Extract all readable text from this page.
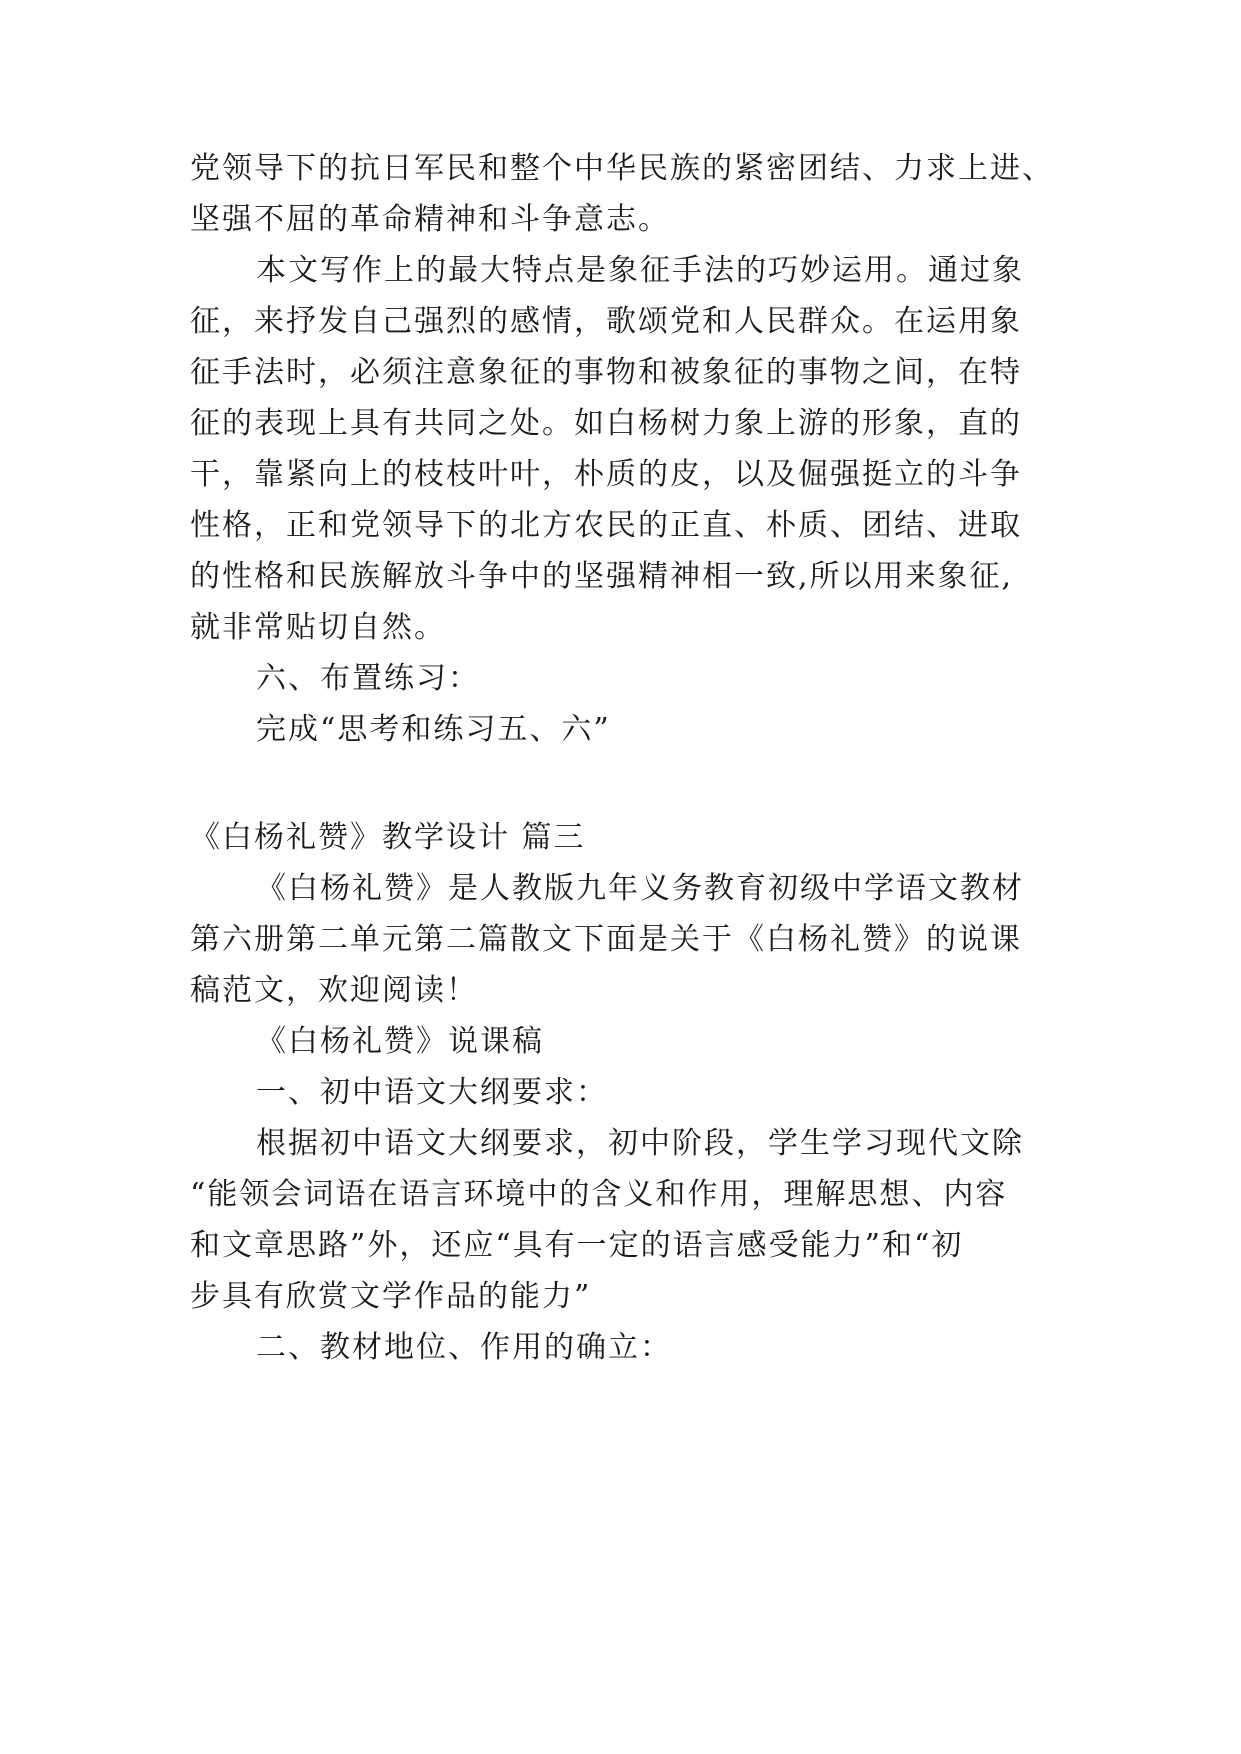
党领导下的抗日军民和整个中华民族的紧密团结、力求上进、
坚强不屈的革命精神和斗争意志。
本文写作上的最大特点是象征手法的巧妙运用。通过象
征，来抒发自己强烈的感情，歌颂党和人民群众。在运用象
征手法时，必须注意象征的事物和被象征的事物之间，在特
征的表现上具有共同之处。如白杨树力象上游的形象，直的
干，靠紧向上的枝枝叶叶，朴质的皮，以及倔强挺立的斗争
性格，正和党领导下的北方农民的正直、朴质、团结、进取
的性格和民族解放斗争中的坚强精神相一致,所以用来象征,
就非常贴切自然。
六、布置练习：
完成“思考和练习五、六”
《白杨礼赞》教学设计 篇三
《白杨礼赞》是人教版九年义务教育初级中学语文教材
第六册第二单元第二篇散文下面是关于《白杨礼赞》的说课
稿范文，欢迎阅读！
《白杨礼赞》说课稿
一、初中语文大纲要求：
根据初中语文大纲要求，初中阶段，学生学习现代文除
“能领会词语在语言环境中的含义和作用，理解思想、内容
和文章思路”外，还应“具有一定的语言感受能力”和“初
步具有欣赏文学作品的能力”
二、教材地位、作用的确立：
